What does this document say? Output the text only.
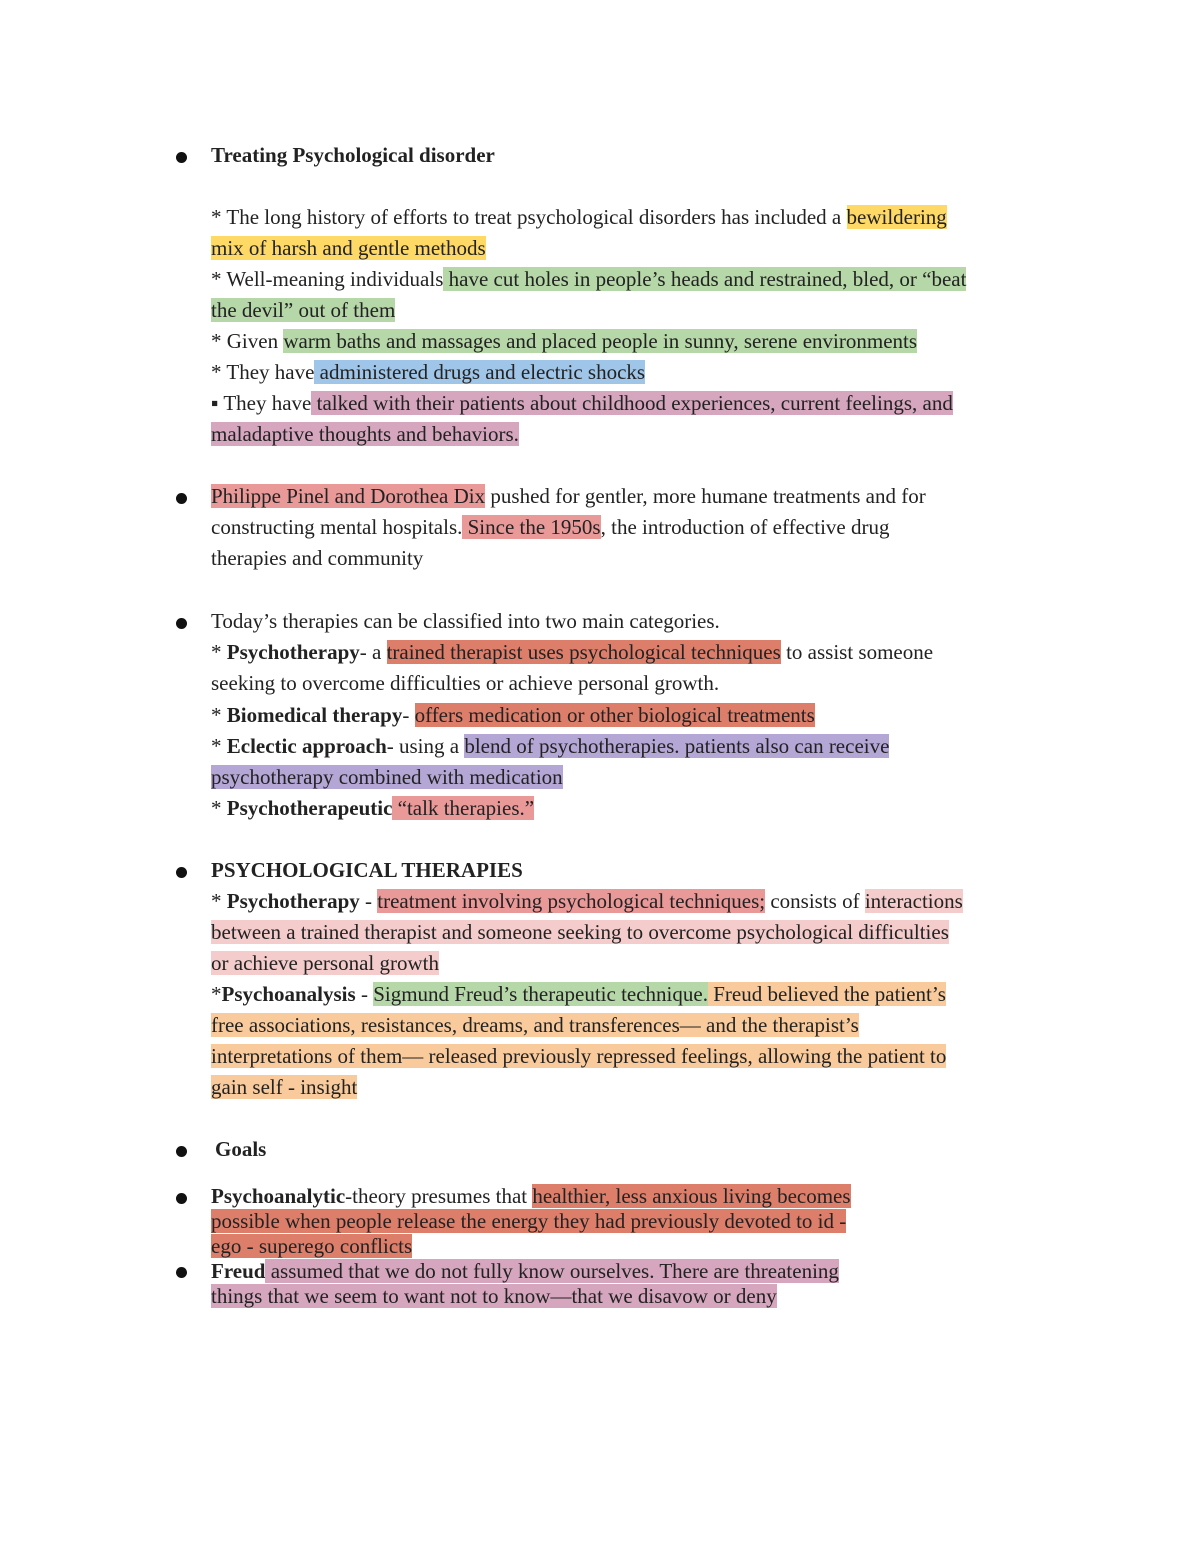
Treating Psychological disorder
* The long history of efforts to treat psychological disorders has included a bewildering
mix of harsh and gentle methods
* Well-meaning individuals have cut holes in people’s heads and restrained, bled, or “beat
the devil” out of them
* Given warm baths and massages and placed people in sunny, serene environments
* They have administered drugs and electric shocks
▪ They have talked with their patients about childhood experiences, current feelings, and
maladaptive thoughts and behaviors.
Philippe Pinel and Dorothea Dix pushed for gentler, more humane treatments and for
constructing mental hospitals. Since the 1950s, the introduction of effective drug
therapies and community
Today’s therapies can be classified into two main categories.
* Psychotherapy- a trained therapist uses psychological techniques to assist someone
seeking to overcome difficulties or achieve personal growth.
* Biomedical therapy- offers medication or other biological treatments
* Eclectic approach- using a blend of psychotherapies. patients also can receive
psychotherapy combined with medication
* Psychotherapeutic “talk therapies.”
PSYCHOLOGICAL THERAPIES
* Psychotherapy - treatment involving psychological techniques; consists of interactions
between a trained therapist and someone seeking to overcome psychological difficulties
or achieve personal growth
*Psychoanalysis - Sigmund Freud’s therapeutic technique. Freud believed the patient’s
free associations, resistances, dreams, and transferences— and the therapist’s
interpretations of them— released previously repressed feelings, allowing the patient to
gain self - insight
Goals
Psychoanalytic-theory presumes that healthier, less anxious living becomes
possible when people release the energy they had previously devoted to id -
ego - superego conflicts
Freud assumed that we do not fully know ourselves. There are threatening
things that we seem to want not to know—that we disavow or deny
